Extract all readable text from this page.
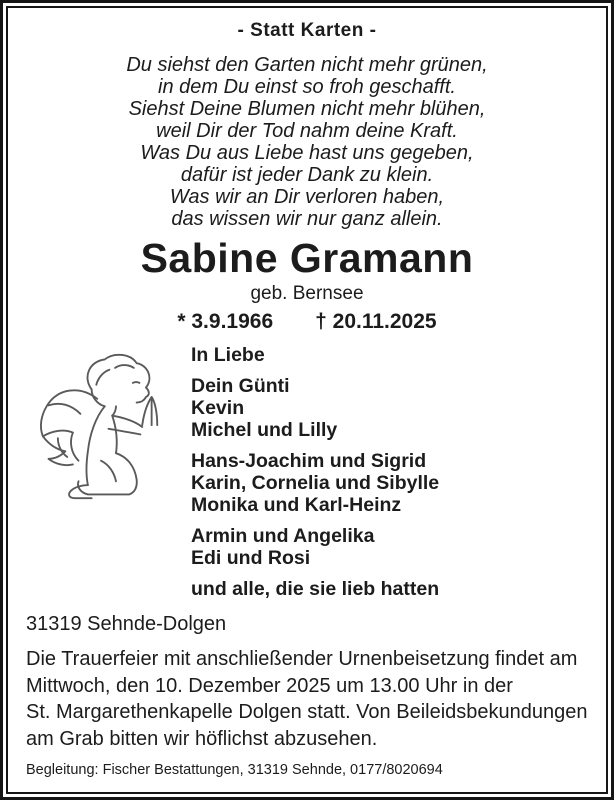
- Statt Karten -
Du siehst den Garten nicht mehr grünen,
in dem Du einst so froh geschafft.
Siehst Deine Blumen nicht mehr blühen,
weil Dir der Tod nahm deine Kraft.
Was Du aus Liebe hast uns gegeben,
dafür ist jeder Dank zu klein.
Was wir an Dir verloren haben,
das wissen wir nur ganz allein.
Sabine Gramann
geb. Bernsee
* 3.9.1966 † 20.11.2025
In Liebe
Dein Günti
Kevin
Michel und Lilly
Hans-Joachim und Sigrid
Karin, Cornelia und Sibylle
Monika und Karl-Heinz
Armin und Angelika
Edi und Rosi
und alle, die sie lieb hatten
31319 Sehnde-Dolgen
Die Trauerfeier mit anschließender Urnenbeisetzung findet am
Mittwoch, den 10. Dezember 2025 um 13.00 Uhr in der
St. Margarethenkapelle Dolgen statt. Von Beileidsbekundungen
am Grab bitten wir höflichst abzusehen.
Begleitung: Fischer Bestattungen, 31319 Sehnde, 0177/8020694
